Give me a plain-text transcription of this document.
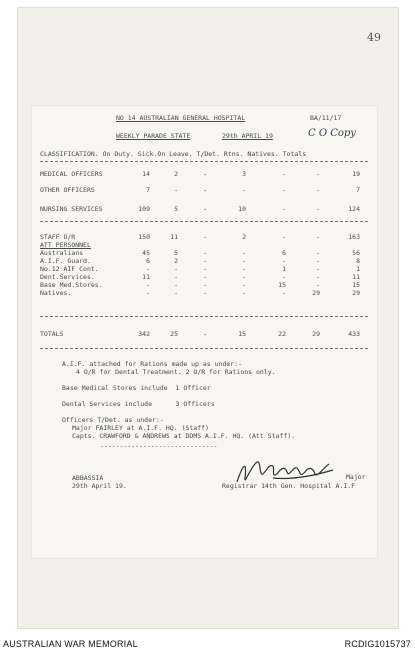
49
NO 14 AUSTRALIAN GENERAL HOSPITAL	BA/11/17
WEEKLY PARADE STATE	29th APRIL 19	C O Copy
CLASSIFICATION. On Duty. Sick.On Leave. T/Det. Rtns. Natives. Totals
MEDICAL OFFICERS	14	2	-	3	-	-	19
OTHER OFFICERS	7	-	-	-	-	-	7
NURSING SERVICES	109	5	-	10	-	-	124
STAFF O/R	150	11	-	2	-	-	163
ATT PERSONNEL
Australians	45	5	-	-	6	-	56
A.I.F. Guard.	6	2	-	-	-	-	8
No.12 AIF Cont.	-	-	-	-	1	-	1
Dent.Services.	11	-	-	-	-	-	11
Base Med.Stores.	-	-	-	-	15	-	15
Natives.	-	-	-	-	-	29	29
TOTALS	342	25	-	15	22	29	433
A.I.F. attached for Rations made up as under:-
4 O/R for Dental Treatment. 2 O/R for Rations only.
Base Medical Stores include  1 Officer
Dental Services include      3 Officers
Officers T/Det. as under:-
Major FAIRLEY at A.I.F. HQ. (Staff)
Capts. CRAWFORD & ANDREWS at DDMS A.I.F. HQ. (Att Staff).
------------------------------
ABBASSIA
29th April 19.
Major
Registrar 14th Gen. Hospital A.I.F
AUSTRALIAN WAR MEMORIAL	RCDIG1015737
